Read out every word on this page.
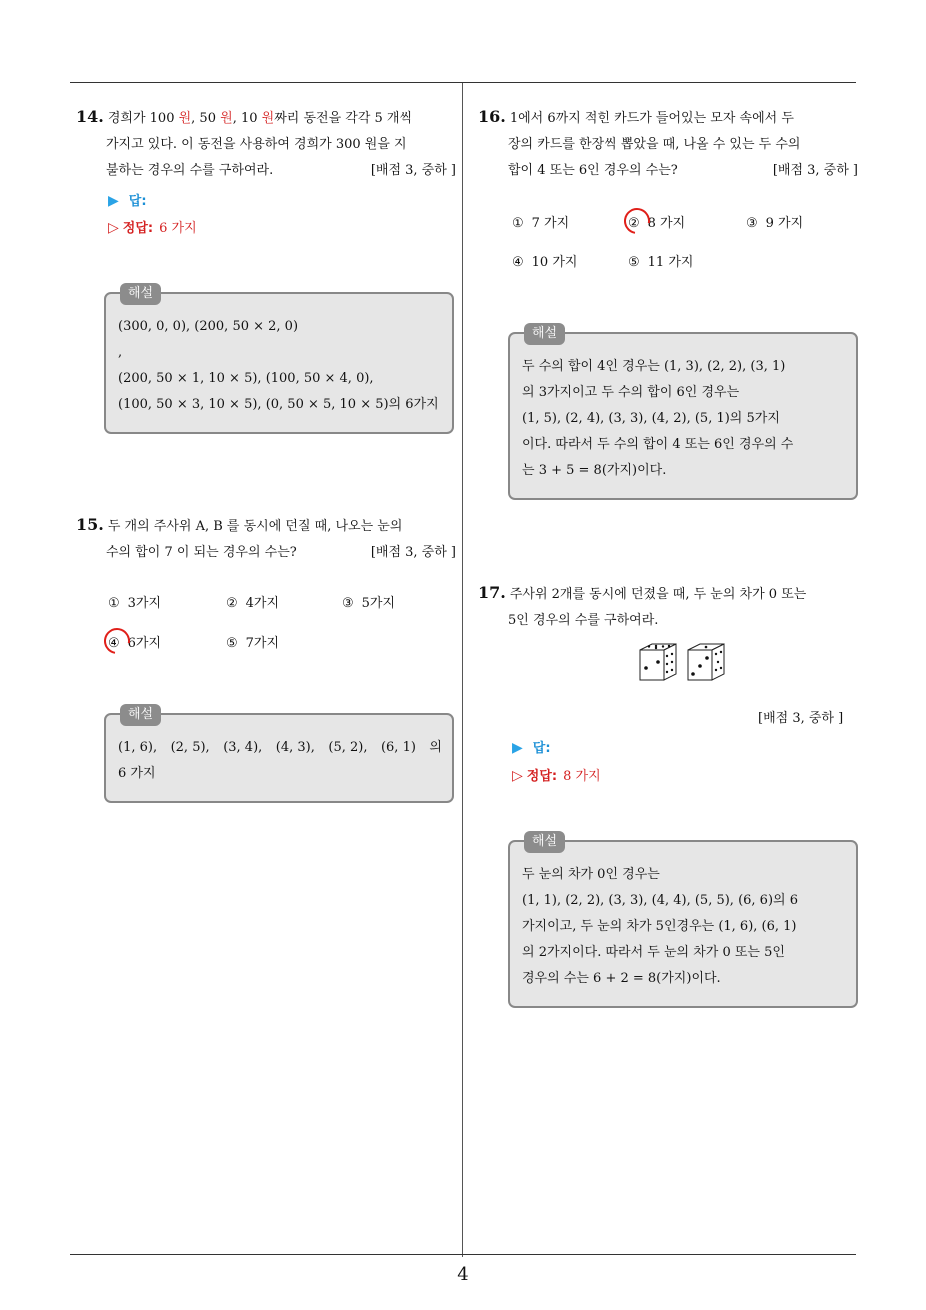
4
14. 경희가 100 원, 50 원, 10 원짜리 동전을 각각 5 개씩
가지고 있다. 이 동전을 사용하여 경희가 300 원을 지
불하는 경우의 수를 구하여라.	[배점 3, 중하 ]
▶ 답:
▷ 정답: 6 가지
해설
(300, 0, 0), (200, 50 × 2, 0)
,
(200, 50 × 1, 10 × 5), (100, 50 × 4, 0),
(100, 50 × 3, 10 × 5), (0, 50 × 5, 10 × 5)의 6가지
15. 두 개의 주사위 A, B 를 동시에 던질 때, 나오는 눈의
수의 합이 7 이 되는 경우의 수는?	[배점 3, 중하 ]
① 3가지	② 4가지	③ 5가지
④ 6가지	⑤ 7가지
해설
(1, 6), (2, 5), (3, 4), (4, 3), (5, 2), (6, 1) 의
6 가지
16. 1에서 6까지 적힌 카드가 들어있는 모자 속에서 두
장의 카드를 한장씩 뽑았을 때, 나올 수 있는 두 수의
합이 4 또는 6인 경우의 수는?	[배점 3, 중하 ]
① 7 가지	② 8 가지	③ 9 가지
④ 10 가지	⑤ 11 가지
해설
두 수의 합이 4인 경우는 (1, 3), (2, 2), (3, 1)
의 3가지이고 두 수의 합이 6인 경우는
(1, 5), (2, 4), (3, 3), (4, 2), (5, 1)의 5가지
이다. 따라서 두 수의 합이 4 또는 6인 경우의 수
는 3 + 5 = 8(가지)이다.
17. 주사위 2개를 동시에 던졌을 때, 두 눈의 차가 0 또는
5인 경우의 수를 구하여라.
[배점 3, 중하 ]
▶ 답:
▷ 정답: 8 가지
해설
두 눈의 차가 0인 경우는
(1, 1), (2, 2), (3, 3), (4, 4), (5, 5), (6, 6)의 6
가지이고, 두 눈의 차가 5인경우는 (1, 6), (6, 1)
의 2가지이다. 따라서 두 눈의 차가 0 또는 5인
경우의 수는 6 + 2 = 8(가지)이다.
